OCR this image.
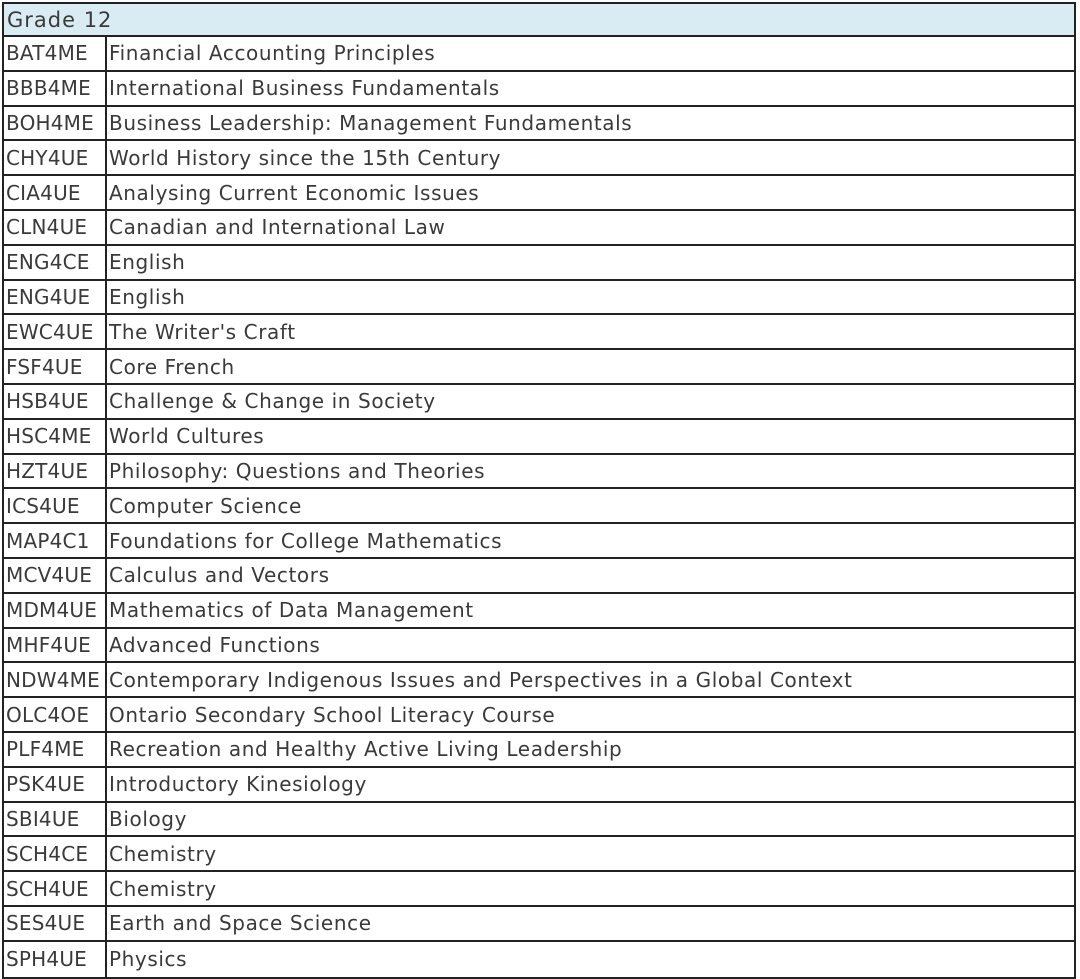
Grade 12
BAT4ME	Financial Accounting Principles
BBB4ME International Business Fundamentals
BOH4ME Business Leadership: Management Fundamentals
CHY4UE	World History since the 15th Century
CIA4UE	Analysing Current Economic Issues
CLN4UE	Canadian and International Law
ENG4CE English
ENG4UE English
EWC4UE The Writer's Craft
FSF4UE	Core French
HSB4UE	Challenge & Change in Society
HSC4ME World Cultures
HZT4UE	Philosophy: Questions and Theories
ICS4UE	Computer Science
MAP4C1 Foundations for College Mathematics
MCV4UE Calculus and Vectors
MDM4UE Mathematics of Data Management
MHF4UE Advanced Functions
NDW4ME Contemporary Indigenous Issues and Perspectives in a Global Context
OLC4OE Ontario Secondary School Literacy Course
PLF4ME	Recreation and Healthy Active Living Leadership
PSK4UE	Introductory Kinesiology
SBI4UE	Biology
SCH4CE	Chemistry
SCH4UE	Chemistry
SES4UE	Earth and Space Science
SPH4UE	Physics
